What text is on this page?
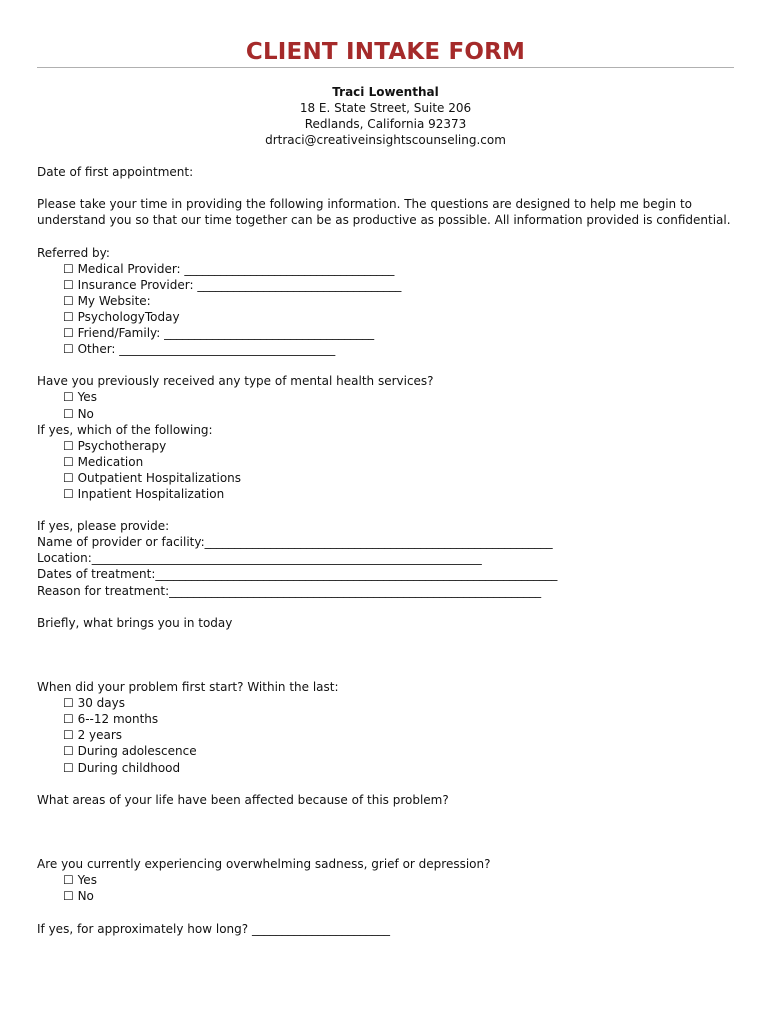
CLIENT INTAKE FORM
Traci Lowenthal
18 E. State Street, Suite 206
Redlands, California 92373
drtraci@creativeinsightscounseling.com
Date of first appointment:
Please take your time in providing the following information. The questions are designed to help me begin to
understand you so that our time together can be as productive as possible. All information provided is confidential.
Referred by:
☐ Medical Provider: ___________________________________
☐ Insurance Provider: __________________________________
☐ My Website:
☐ PsychologyToday
☐ Friend/Family: ___________________________________
☐ Other: ____________________________________
Have you previously received any type of mental health services?
☐ Yes
☐ No
If yes, which of the following:
☐ Psychotherapy
☐ Medication
☐ Outpatient Hospitalizations
☐ Inpatient Hospitalization
If yes, please provide:
Name of provider or facility:__________________________________________________________
Location:_________________________________________________________________
Dates of treatment:___________________________________________________________________
Reason for treatment:______________________________________________________________
Briefly, what brings you in today
When did your problem first start? Within the last:
☐ 30 days
☐ 6--12 months
☐ 2 years
☐ During adolescence
☐ During childhood
What areas of your life have been affected because of this problem?
Are you currently experiencing overwhelming sadness, grief or depression?
☐ Yes
☐ No
If yes, for approximately how long? _______________________
